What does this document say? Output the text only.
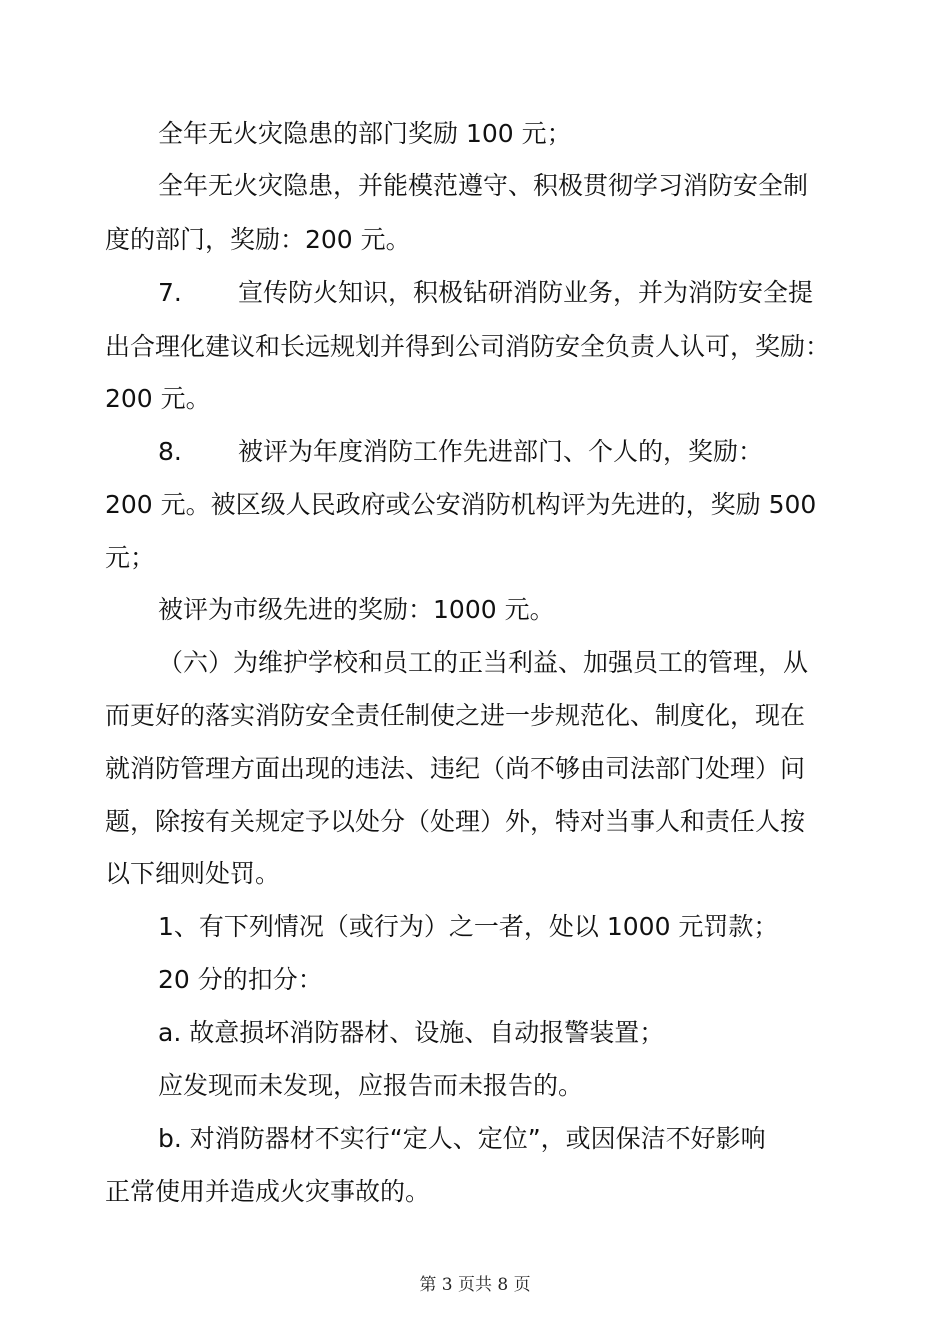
全年无火灾隐患的部门奖励 100 元；
全年无火灾隐患，并能模范遵守、积极贯彻学习消防安全制
度的部门，奖励：200 元。
7. 宣传防火知识，积极钻研消防业务，并为消防安全提
出合理化建议和长远规划并得到公司消防安全负责人认可，奖励：
200 元。
8. 被评为年度消防工作先进部门、个人的，奖励：
200 元。被区级人民政府或公安消防机构评为先进的，奖励 500
元；
被评为市级先进的奖励：1000 元。
（六）为维护学校和员工的正当利益、加强员工的管理，从
而更好的落实消防安全责任制使之进一步规范化、制度化，现在
就消防管理方面出现的违法、违纪（尚不够由司法部门处理）问
题，除按有关规定予以处分（处理）外，特对当事人和责任人按
以下细则处罚。
1、有下列情况（或行为）之一者，处以 1000 元罚款；
20 分的扣分：
a. 故意损坏消防器材、设施、自动报警装置；
应发现而未发现，应报告而未报告的。
b. 对消防器材不实行“定人、定位”，或因保洁不好影响
正常使用并造成火灾事故的。
第 3 页共 8 页
